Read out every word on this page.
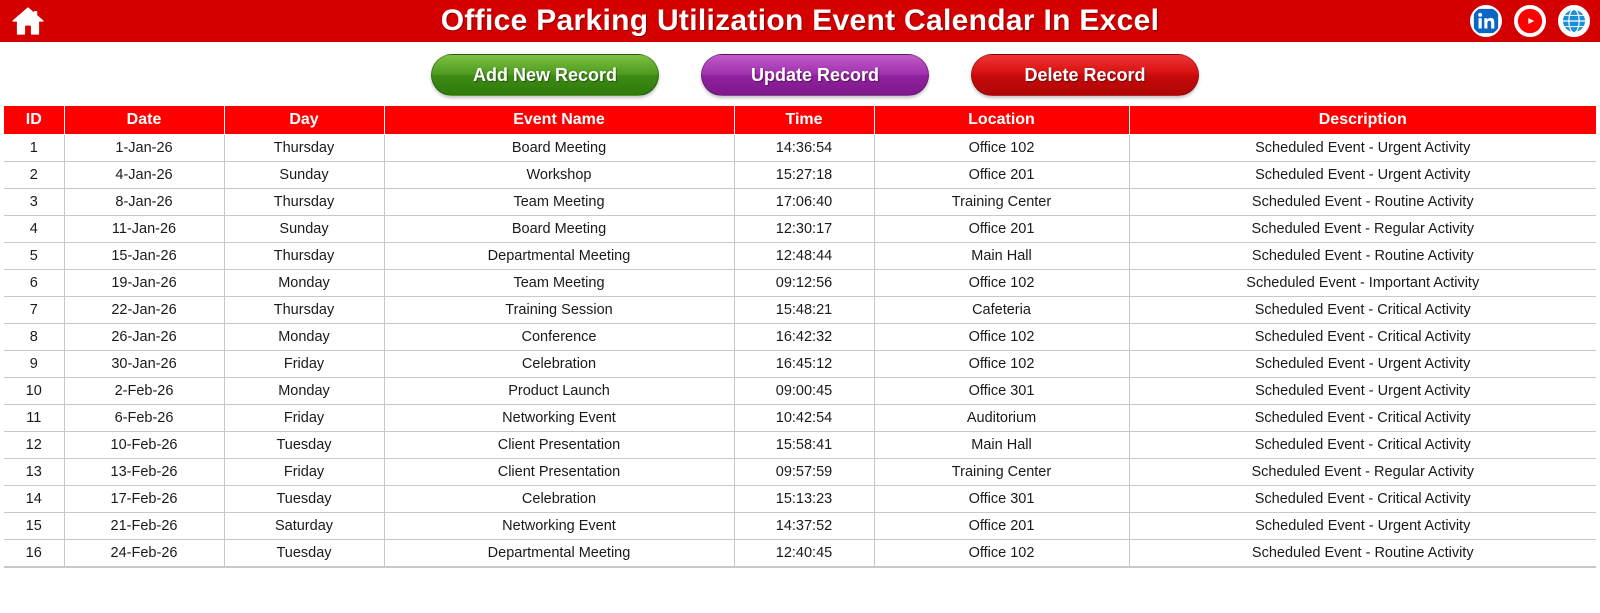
Office Parking Utilization Event Calendar In Excel
Add New Record	Update Record	Delete Record
ID	Date	Day	Event Name	Time	Location	Description
1	1-Jan-26	Thursday	Board Meeting	14:36:54	Office 102	Scheduled Event - Urgent Activity
2	4-Jan-26	Sunday	Workshop	15:27:18	Office 201	Scheduled Event - Urgent Activity
3	8-Jan-26	Thursday	Team Meeting	17:06:40	Training Center	Scheduled Event - Routine Activity
4	11-Jan-26	Sunday	Board Meeting	12:30:17	Office 201	Scheduled Event - Regular Activity
5	15-Jan-26	Thursday	Departmental Meeting	12:48:44	Main Hall	Scheduled Event - Routine Activity
6	19-Jan-26	Monday	Team Meeting	09:12:56	Office 102	Scheduled Event - Important Activity
7	22-Jan-26	Thursday	Training Session	15:48:21	Cafeteria	Scheduled Event - Critical Activity
8	26-Jan-26	Monday	Conference	16:42:32	Office 102	Scheduled Event - Critical Activity
9	30-Jan-26	Friday	Celebration	16:45:12	Office 102	Scheduled Event - Urgent Activity
10	2-Feb-26	Monday	Product Launch	09:00:45	Office 301	Scheduled Event - Urgent Activity
11	6-Feb-26	Friday	Networking Event	10:42:54	Auditorium	Scheduled Event - Critical Activity
12	10-Feb-26	Tuesday	Client Presentation	15:58:41	Main Hall	Scheduled Event - Critical Activity
13	13-Feb-26	Friday	Client Presentation	09:57:59	Training Center	Scheduled Event - Regular Activity
14	17-Feb-26	Tuesday	Celebration	15:13:23	Office 301	Scheduled Event - Critical Activity
15	21-Feb-26	Saturday	Networking Event	14:37:52	Office 201	Scheduled Event - Urgent Activity
16	24-Feb-26	Tuesday	Departmental Meeting	12:40:45	Office 102	Scheduled Event - Routine Activity
